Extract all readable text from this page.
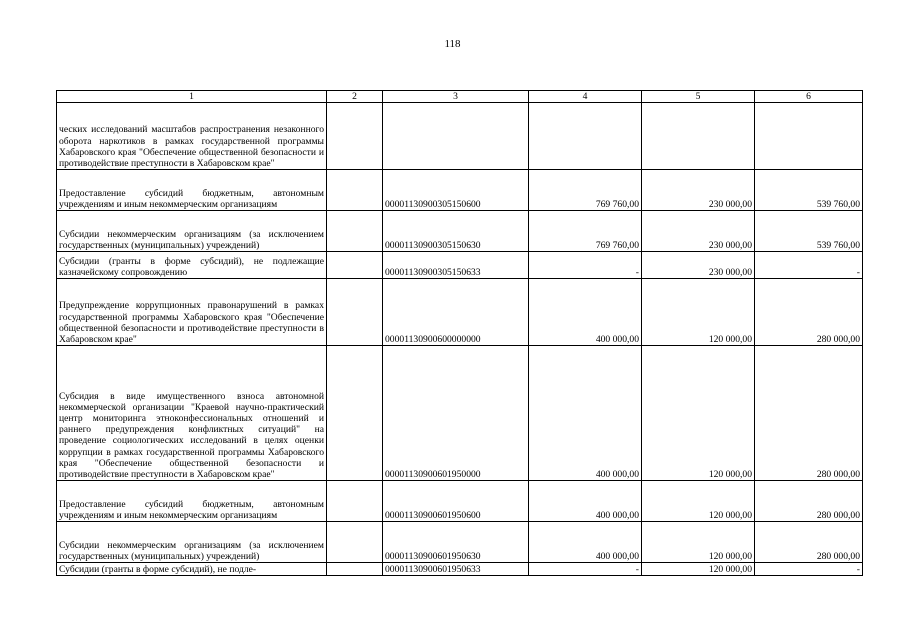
118
1	2	3	4	5	6
ческих исследований масштабов распространения незаконного оборота наркотиков в рамках государственной программы Хабаровского края "Обеспечение общественной безопасности и противодействие преступности в Хабаровском крае"					
Предоставление субсидий бюджетным, автономным учреждениям и иным некоммерческим организациям		00001130900305150600	769 760,00	230 000,00	539 760,00
Субсидии некоммерческим организациям (за исключением государственных (муниципальных) учреждений)		00001130900305150630	769 760,00	230 000,00	539 760,00
Субсидии (гранты в форме субсидий), не подлежащие казначейскому сопровождению		00001130900305150633	-	230 000,00	-
Предупреждение коррупционных правонарушений в рамках государственной программы Хабаровского края "Обеспечение общественной безопасности и противодействие преступности в Хабаровском крае"		00001130900600000000	400 000,00	120 000,00	280 000,00
Субсидия в виде имущественного взноса автономной некоммерческой организации "Краевой научно-практический центр мониторинга этноконфессиональных отношений и раннего предупреждения конфликтных ситуаций" на проведение социологических исследований в целях оценки коррупции в рамках государственной программы Хабаровского края "Обеспечение общественной безопасности и противодействие преступности в Хабаровском крае"		00001130900601950000	400 000,00	120 000,00	280 000,00
Предоставление субсидий бюджетным, автономным учреждениям и иным некоммерческим организациям		00001130900601950600	400 000,00	120 000,00	280 000,00
Субсидии некоммерческим организациям (за исключением государственных (муниципальных) учреждений)		00001130900601950630	400 000,00	120 000,00	280 000,00
Субсидии (гранты в форме субсидий), не подле-		00001130900601950633	-	120 000,00	-
